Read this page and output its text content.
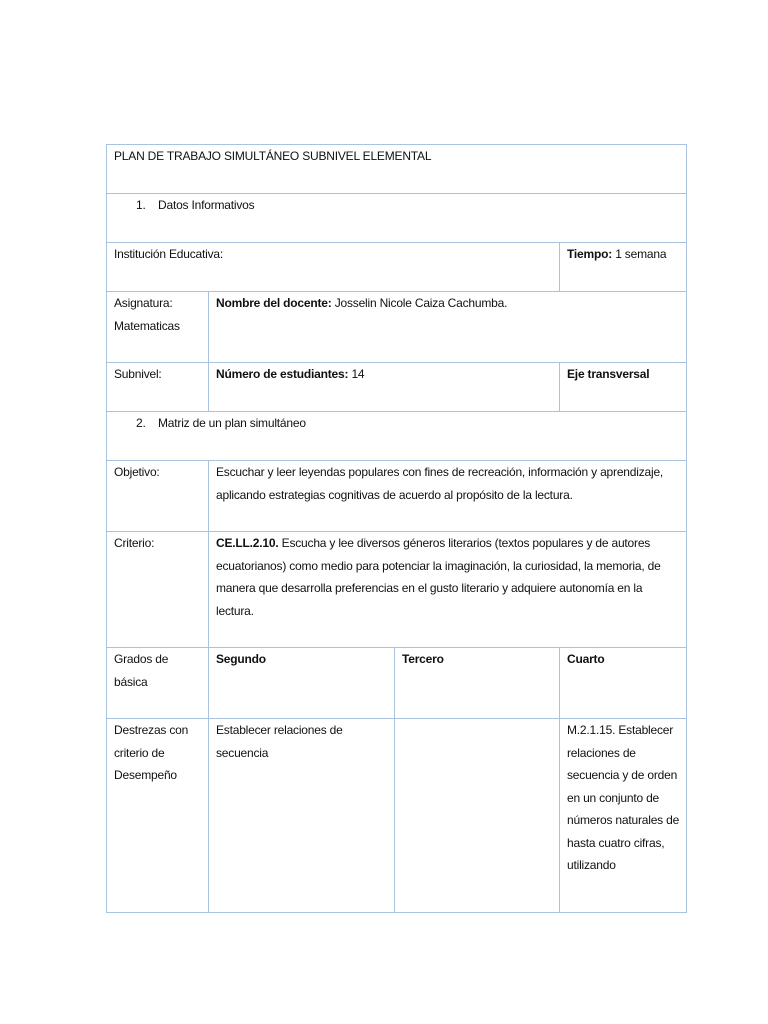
PLAN DE TRABAJO SIMULTÁNEO SUBNIVEL ELEMENTAL			

1. Datos Informativos			

Institución Educativa:			Tiempo: 1 semana

Asignatura:
Matematicas	Nombre del docente: Josselin Nicole Caiza Cachumba.		
Subnivel:	Número de estudiantes: 14		Eje transversal

2. Matriz de un plan simultáneo			

Objetivo:	Escuchar y leer leyendas populares con fines de recreación, información y aprendizaje, aplicando estrategias cognitivas de acuerdo al propósito de la lectura.		
Criterio:	CE.LL.2.10. Escucha y lee diversos géneros literarios (textos populares y de autores ecuatorianos) como medio para potenciar la imaginación, la curiosidad, la memoria, de manera que desarrolla preferencias en el gusto literario y adquiere autonomía en la lectura.		
Grados de básica	Segundo	Tercero	Cuarto
Destrezas con criterio de Desempeño	Establecer relaciones de secuencia		M.2.1.15. Establecer relaciones de secuencia y de orden en un conjunto de números naturales de hasta cuatro cifras, utilizando
